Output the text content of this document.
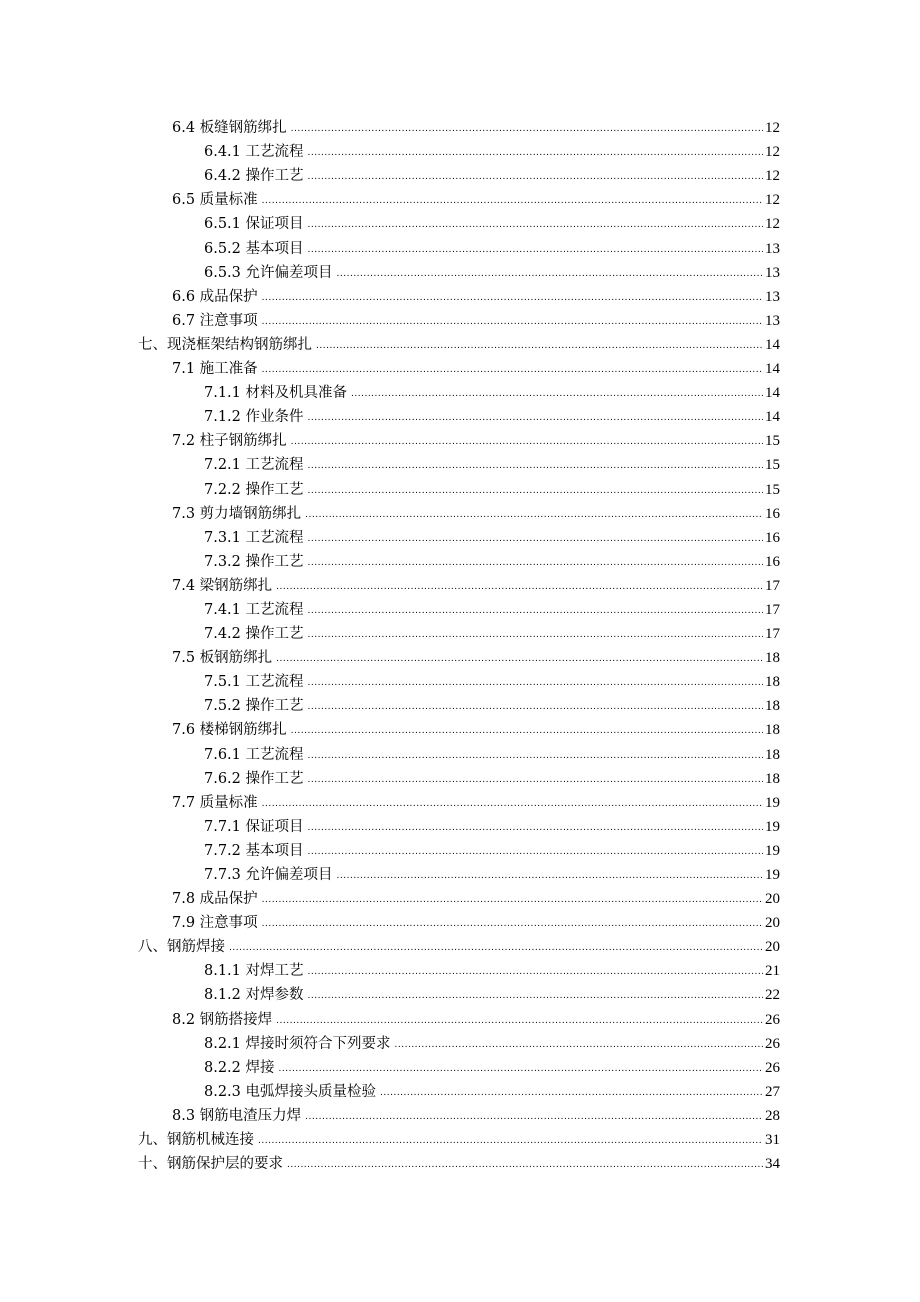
6.4 板缝钢筋绑扎 .....	12
6.4.1 工艺流程 .....	12
6.4.2 操作工艺 .....	12
6.5 质量标准 .....	12
6.5.1 保证项目 .....	12
6.5.2 基本项目 .....	13
6.5.3 允许偏差项目 .....	13
6.6 成品保护 .....	13
6.7 注意事项 .....	13
七、现浇框架结构钢筋绑扎 .....	14
7.1 施工准备 .....	14
7.1.1 材料及机具准备 .....	14
7.1.2 作业条件 .....	14
7.2 柱子钢筋绑扎 .....	15
7.2.1 工艺流程 .....	15
7.2.2 操作工艺 .....	15
7.3 剪力墙钢筋绑扎 .....	16
7.3.1 工艺流程 .....	16
7.3.2 操作工艺 .....	16
7.4 梁钢筋绑扎 .....	17
7.4.1 工艺流程 .....	17
7.4.2 操作工艺 .....	17
7.5 板钢筋绑扎 .....	18
7.5.1 工艺流程 .....	18
7.5.2 操作工艺 .....	18
7.6 楼梯钢筋绑扎 .....	18
7.6.1 工艺流程 .....	18
7.6.2 操作工艺 .....	18
7.7 质量标准 .....	19
7.7.1 保证项目 .....	19
7.7.2 基本项目 .....	19
7.7.3 允许偏差项目 .....	19
7.8 成品保护 .....	20
7.9 注意事项 .....	20
八、钢筋焊接 .....	20
8.1.1 对焊工艺 .....	21
8.1.2 对焊参数 .....	22
8.2 钢筋搭接焊 .....	26
8.2.1 焊接时须符合下列要求 .....	26
8.2.2 焊接 .....	26
8.2.3 电弧焊接头质量检验 .....	27
8.3 钢筋电渣压力焊 .....	28
九、钢筋机械连接 .....	31
十、钢筋保护层的要求 .....	34
